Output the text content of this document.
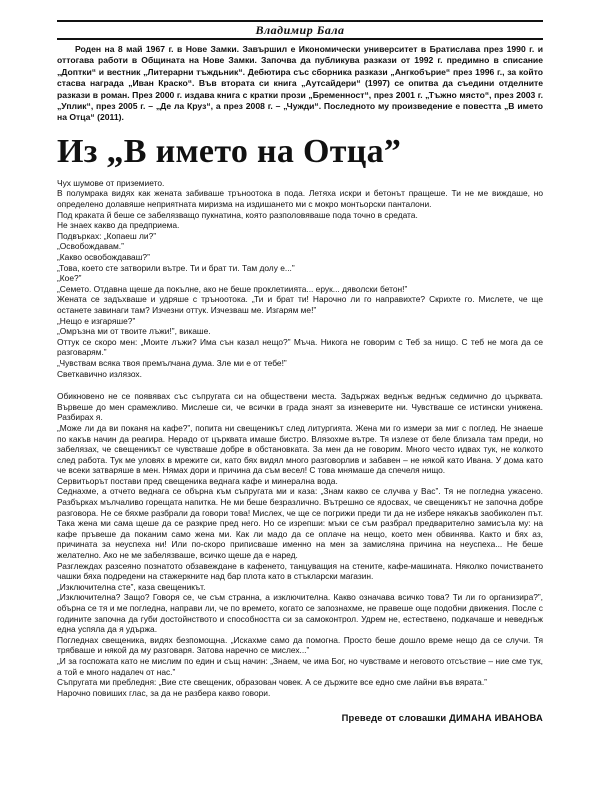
Владимир Бала

Роден на 8 май 1967 г. в Нове Замки. Завършил е Икономически университет в Братислава през 1990 г. и оттогава работи в Общината на Нове Замки. Започва да публикува разкази от 1992 г. предимно в списание „Доптки“ и вестник „Литерарни тъждьник“. Дебютира със сборника разкази „Ангкобърие“ през 1996 г., за който стасва награда „Иван Краско“. Във втората си книга „Аутсайдери“ (1997) се опитва да съедини отделните разкази в роман. През 2000 г. издава книга с кратки прози „Бременност“, през 2001 г. „Тъжно място“, през 2003 г. „Уплик“, през 2005 г. – „Де ла Круз“, а през 2008 г. – „Чужди“. Последното му произведение е повестта „В името на Отца“ (2011).

Из „В името на Отца”

Чух шумове от приземието.

В полумрака видях как жената забиваше тръноотока в пода. Летяха искри и бетонът пращеше. Ти не ме виждаше, но определено долавяше неприятната миризма на издишането ми с мокро монтьорски панталони.

Под краката й беше се забелязващо пукнатина, която разполовяваше пода точно в средата.

Не знаех какво да предприема.

Подвърках: „Копаеш ли?”

„Освобождавам.”

„Какво освобождаваш?”

„Това, което сте затворили вътре. Ти и брат ти. Там долу е...”

„Кое?”

„Семето. Отдавна щеше да покълне, ако не беше проклетиията... ерук... дяволски бетон!”

Жената се задъхваше и удряше с тръноотока. „Ти и брат ти! Нарочно ли го направихте? Скрихте го. Мислете, че ще останете завинаги там? Изчезни оттук. Изчезваш ме. Изгарям ме!”

„Нещо е изгаряше?”

„Омръзна ми от твоите лъжи!”, викаше.

Оттук се скоро мен: „Моите лъжи? Има сън казал нещо?” Мъча. Никога не говорим с Теб за нищо. С теб не мога да се разговарям.”

„Чувствам всяка твоя премълчана дума. Зле ми е от тебе!”

Светкавично излязох.

Обикновено не се появявах със съпругата си на обществени места. Задържах веднъж веднъж седмично до църквата. Вървеше до мен срамежливо. Мислеше си, че всички в града знаят за изневерите ни. Чувстваше се истински унижена. Разбирах я.

„Може ли да ви поканя на кафе?”, попита ни свещеникът след литургията. Жена ми го измери за миг с поглед. Не знаеше по какъв начин да реагира. Нерадо от църквата имаше бистро. Влязохме вътре. Тя излезе от беле близала там преди, но забелязах, че свещеникът се чувстваше добре в обстановката. За мен да не говорим. Много често идвах тук, не колкото след работа. Тук ме уловях в мрежите си, като бях видял много разговорлив и забавен – не някой като Ивана. У дома като че всеки затваряше в мен. Нямах дори и причина да съм весел! С това мнямаше да спечеля нищо.

Сервитьорът постави пред свещеника веднага кафе и минерална вода.

Седнахме, а отчето веднага се обърна към съпругата ми и каза: „Знам какво се случва у Вас”. Тя не погледна ужасено. Разбърках мълчаливо горещата напитка. Не ми беше безразлично. Вътрешно се ядосвах, че свещеникът не започна добре разговора. Не се бяхме разбрали да говори това! Мислех, че ще се погрижи преди ти да не избере някакъв заобиколен път. Така жена ми сама щеше да се разкрие пред него. Но се изрепши: мъки се съм разбрал предварително замисъла му: на кафе пръвеше да поканим само жена ми. Как ли мадо да се оплаче на нещо, което мен обвинява. Както и бях аз, причината за неуспеха ни! Или по-скоро приписваше именно на мен за замисляна причина на неуспеха... Не беше желателно. Ако не ме забелязваше, всичко щеше да е наред.

Разглеждах разсеяно познатото обзавеждане в кафенето, танцуващия на стените, кафе-машината. Няколко почистването чашки бяха подредени на стажеркните над бар плота като в стъкларски магазин.

„Изключителна сте”, каза свещеникът.

„Изключителна? Защо? Говоря се, че съм странна, а изключителна. Какво означава всичко това? Ти ли го организира?”, обърна се тя и ме погледна, направи ли, че по времето, когато се запознахме, не правеше още подобни движения. После с годините започна да губи достойнството и способността си за самоконтрол. Удрем не, естествено, подкачаше и неведнъж една успяла да я удържа.

Погледнах свещеника, видях безпомощна. „Искахме само да помогна. Просто беше дошло време нещо да се случи. Тя трябваше и някой да му разговаря. Затова наречно се мислех...”

„И за госпожата като не мислим по един и същ начин: „Знаем, че има Бог, но чувстваме и неговото отсъствие – ние сме тук, а той е много надалеч от нас.”

Съпругата ми пребледня: „Вие сте свещеник, образован човек. А се държите все едно сме лайни във вярата.”

Нарочно повиших глас, за да не разбера какво говори.

Преведе от словашки ДИМАНА ИВАНОВА
